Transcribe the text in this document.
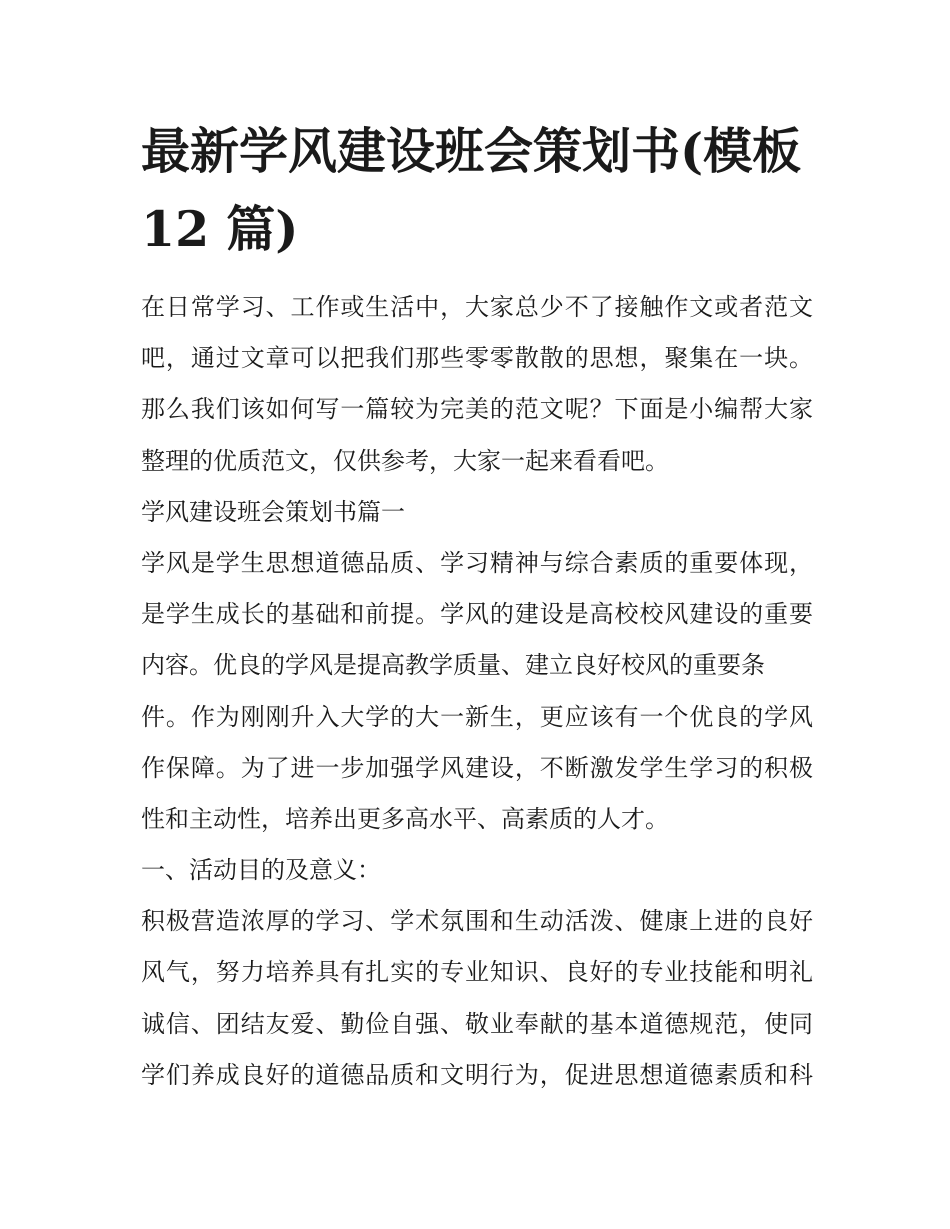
最新学风建设班会策划书(模板
12 篇)
在日常学习、工作或生活中，大家总少不了接触作文或者范文
吧，通过文章可以把我们那些零零散散的思想，聚集在一块。
那么我们该如何写一篇较为完美的范文呢？下面是小编帮大家
整理的优质范文，仅供参考，大家一起来看看吧。
学风建设班会策划书篇一
学风是学生思想道德品质、学习精神与综合素质的重要体现，
是学生成长的基础和前提。学风的建设是高校校风建设的重要
内容。优良的学风是提高教学质量、建立良好校风的重要条
件。作为刚刚升入大学的大一新生，更应该有一个优良的学风
作保障。为了进一步加强学风建设，不断激发学生学习的积极
性和主动性，培养出更多高水平、高素质的人才。
一、活动目的及意义：
积极营造浓厚的学习、学术氛围和生动活泼、健康上进的良好
风气，努力培养具有扎实的专业知识、良好的专业技能和明礼
诚信、团结友爱、勤俭自强、敬业奉献的基本道德规范，使同
学们养成良好的道德品质和文明行为，促进思想道德素质和科
